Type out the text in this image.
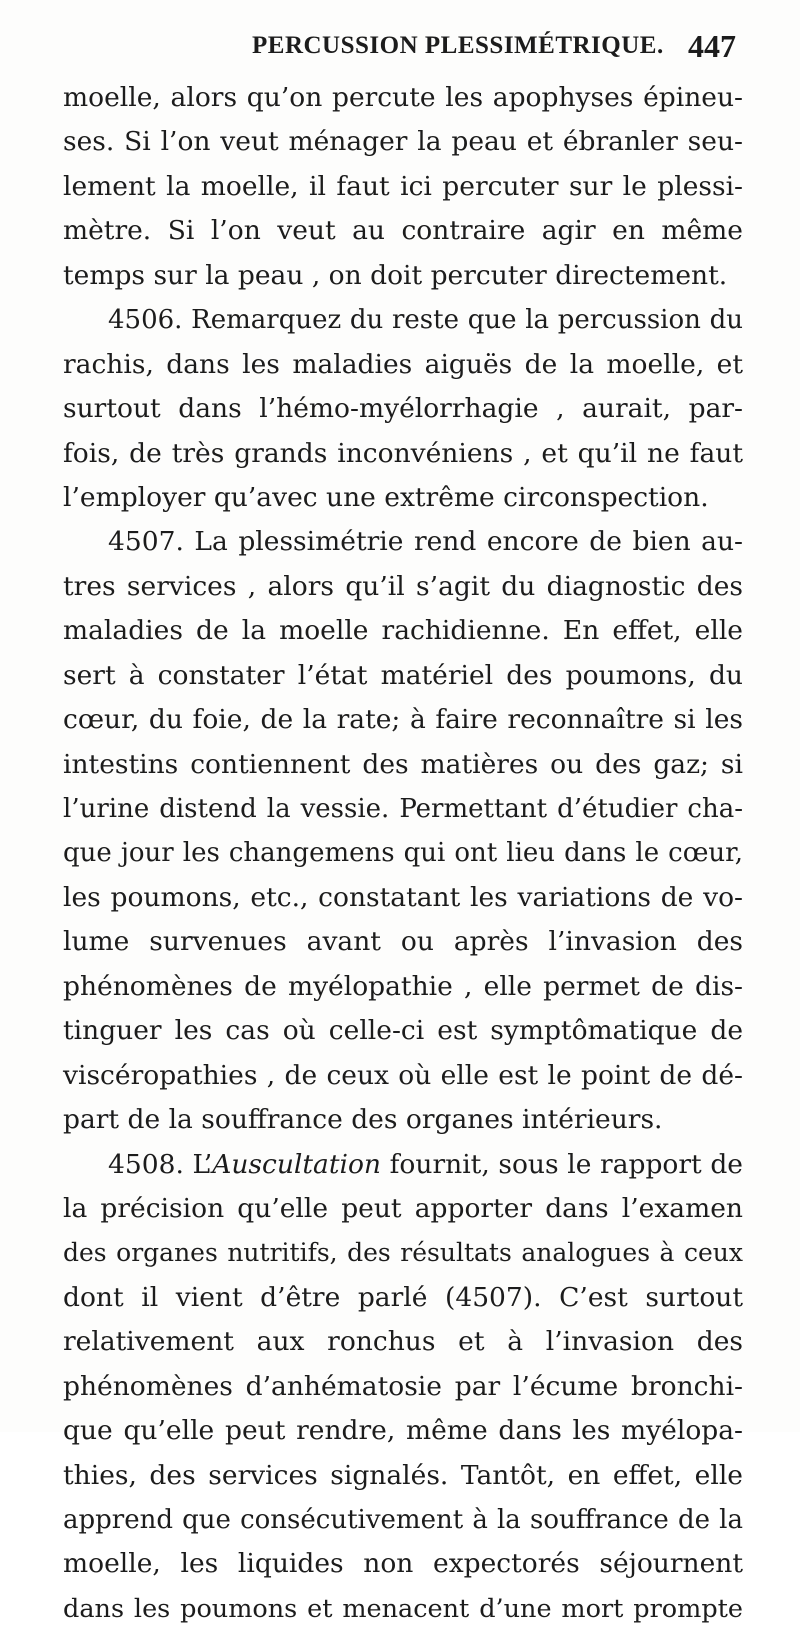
PERCUSSION PLESSIMÉTRIQUE. 447
moelle, alors qu’on percute les apophyses épineu-
ses. Si l’on veut ménager la peau et ébranler seu-
lement la moelle, il faut ici percuter sur le plessi-
mètre. Si l’on veut au contraire agir en même
temps sur la peau , on doit percuter directement.
4506. Remarquez du reste que la percussion du
rachis, dans les maladies aiguës de la moelle, et
surtout dans l’hémo-myélorrhagie , aurait, par-
fois, de très grands inconvéniens , et qu’il ne faut
l’employer qu’avec une extrême circonspection.
4507. La plessimétrie rend encore de bien au-
tres services , alors qu’il s’agit du diagnostic des
maladies de la moelle rachidienne. En effet, elle
sert à constater l’état matériel des poumons, du
cœur, du foie, de la rate; à faire reconnaître si les
intestins contiennent des matières ou des gaz; si
l’urine distend la vessie. Permettant d’étudier cha-
que jour les changemens qui ont lieu dans le cœur,
les poumons, etc., constatant les variations de vo-
lume survenues avant ou après l’invasion des
phénomènes de myélopathie , elle permet de dis-
tinguer les cas où celle-ci est symptômatique de
viscéropathies , de ceux où elle est le point de dé-
part de la souffrance des organes intérieurs.
4508. L’Auscultation fournit, sous le rapport de
la précision qu’elle peut apporter dans l’examen
des organes nutritifs, des résultats analogues à ceux
dont il vient d’être parlé (4507). C’est surtout
relativement aux ronchus et à l’invasion des
phénomènes d’anhématosie par l’écume bronchi-
que qu’elle peut rendre, même dans les myélopa-
thies, des services signalés. Tantôt, en effet, elle
apprend que consécutivement à la souffrance de la
moelle, les liquides non expectorés séjournent
dans les poumons et menacent d’une mort prompte
